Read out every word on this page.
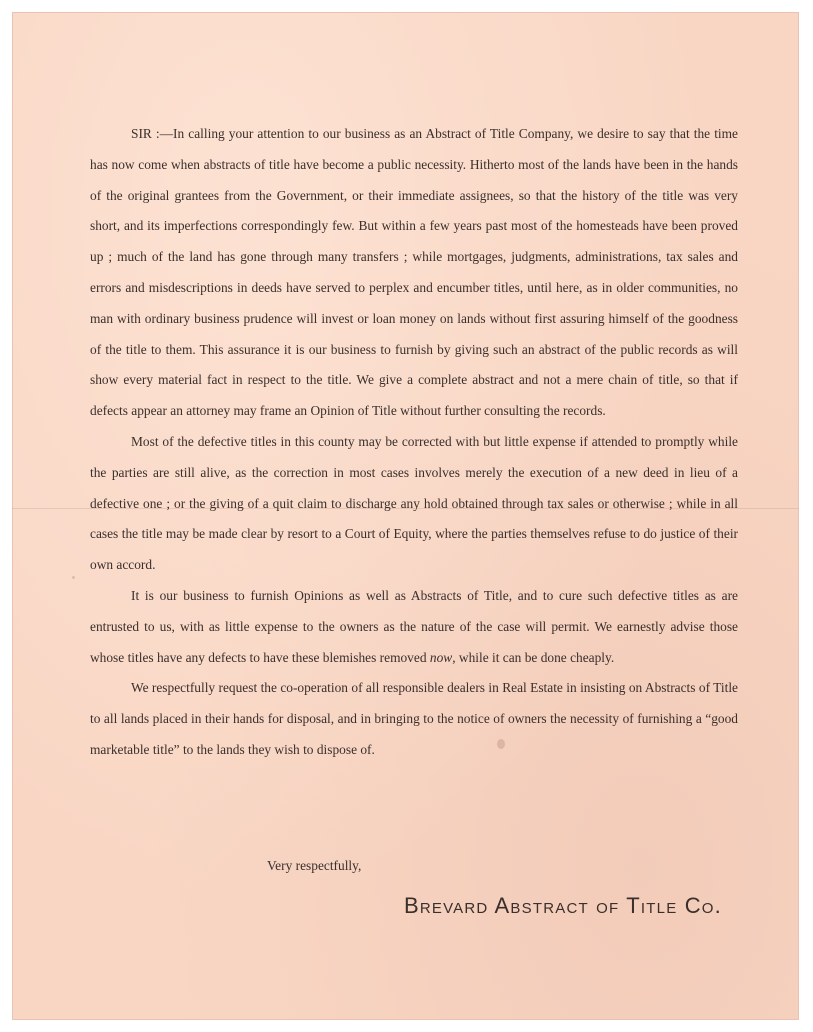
SIR :—In calling your attention to our business as an Abstract of Title Company, we desire to say that the time has now come when abstracts of title have become a public necessity. Hitherto most of the lands have been in the hands of the original grantees from the Government, or their immediate assignees, so that the history of the title was very short, and its imperfections correspondingly few. But within a few years past most of the homesteads have been proved up ; much of the land has gone through many transfers ; while mortgages, judgments, administrations, tax sales and errors and misdescriptions in deeds have served to perplex and encumber titles, until here, as in older communities, no man with ordinary business prudence will invest or loan money on lands without first assuring himself of the goodness of the title to them. This assurance it is our business to furnish by giving such an abstract of the public records as will show every material fact in respect to the title. We give a complete abstract and not a mere chain of title, so that if defects appear an attorney may frame an Opinion of Title without further consulting the records.

Most of the defective titles in this county may be corrected with but little expense if attended to promptly while the parties are still alive, as the correction in most cases involves merely the execution of a new deed in lieu of a defective one ; or the giving of a quit claim to discharge any hold obtained through tax sales or otherwise ; while in all cases the title may be made clear by resort to a Court of Equity, where the parties themselves refuse to do justice of their own accord.

It is our business to furnish Opinions as well as Abstracts of Title, and to cure such defective titles as are entrusted to us, with as little expense to the owners as the nature of the case will permit. We earnestly advise those whose titles have any defects to have these blemishes removed now, while it can be done cheaply.

We respectfully request the co-operation of all responsible dealers in Real Estate in insisting on Abstracts of Title to all lands placed in their hands for disposal, and in bringing to the notice of owners the necessity of furnishing a “good marketable title” to the lands they wish to dispose of.

Very respectfully,
Brevard Abstract of Title Co.
